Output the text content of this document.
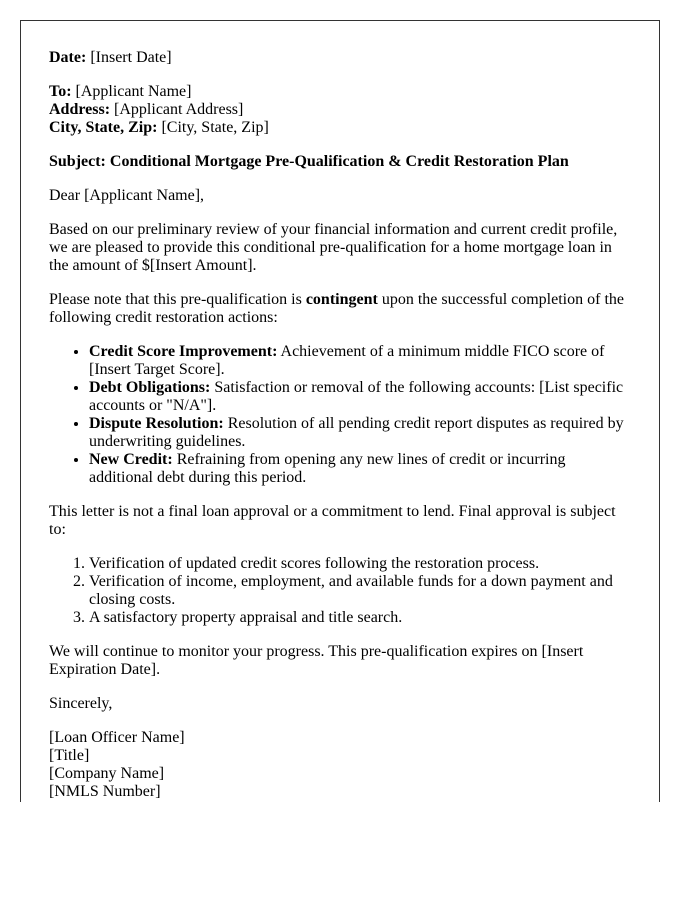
Date: [Insert Date]

To: [Applicant Name]

Address: [Applicant Address]

City, State, Zip: [City, State, Zip]

Subject: Conditional Mortgage Pre-Qualification & Credit Restoration Plan

Dear [Applicant Name],

Based on our preliminary review of your financial information and current credit profile, we are pleased to provide this conditional pre-qualification for a home mortgage loan in the amount of $[Insert Amount].

Please note that this pre-qualification is contingent upon the successful completion of the following credit restoration actions:

• Credit Score Improvement: Achievement of a minimum middle FICO score of [Insert Target Score].
• Debt Obligations: Satisfaction or removal of the following accounts: [List specific accounts or "N/A"].
• Dispute Resolution: Resolution of all pending credit report disputes as required by underwriting guidelines.
• New Credit: Refraining from opening any new lines of credit or incurring additional debt during this period.

This letter is not a final loan approval or a commitment to lend. Final approval is subject to:

1. Verification of updated credit scores following the restoration process.
2. Verification of income, employment, and available funds for a down payment and closing costs.
3. A satisfactory property appraisal and title search.

We will continue to monitor your progress. This pre-qualification expires on [Insert Expiration Date].

Sincerely,

[Loan Officer Name]

[Title]

[Company Name]

[NMLS Number]
